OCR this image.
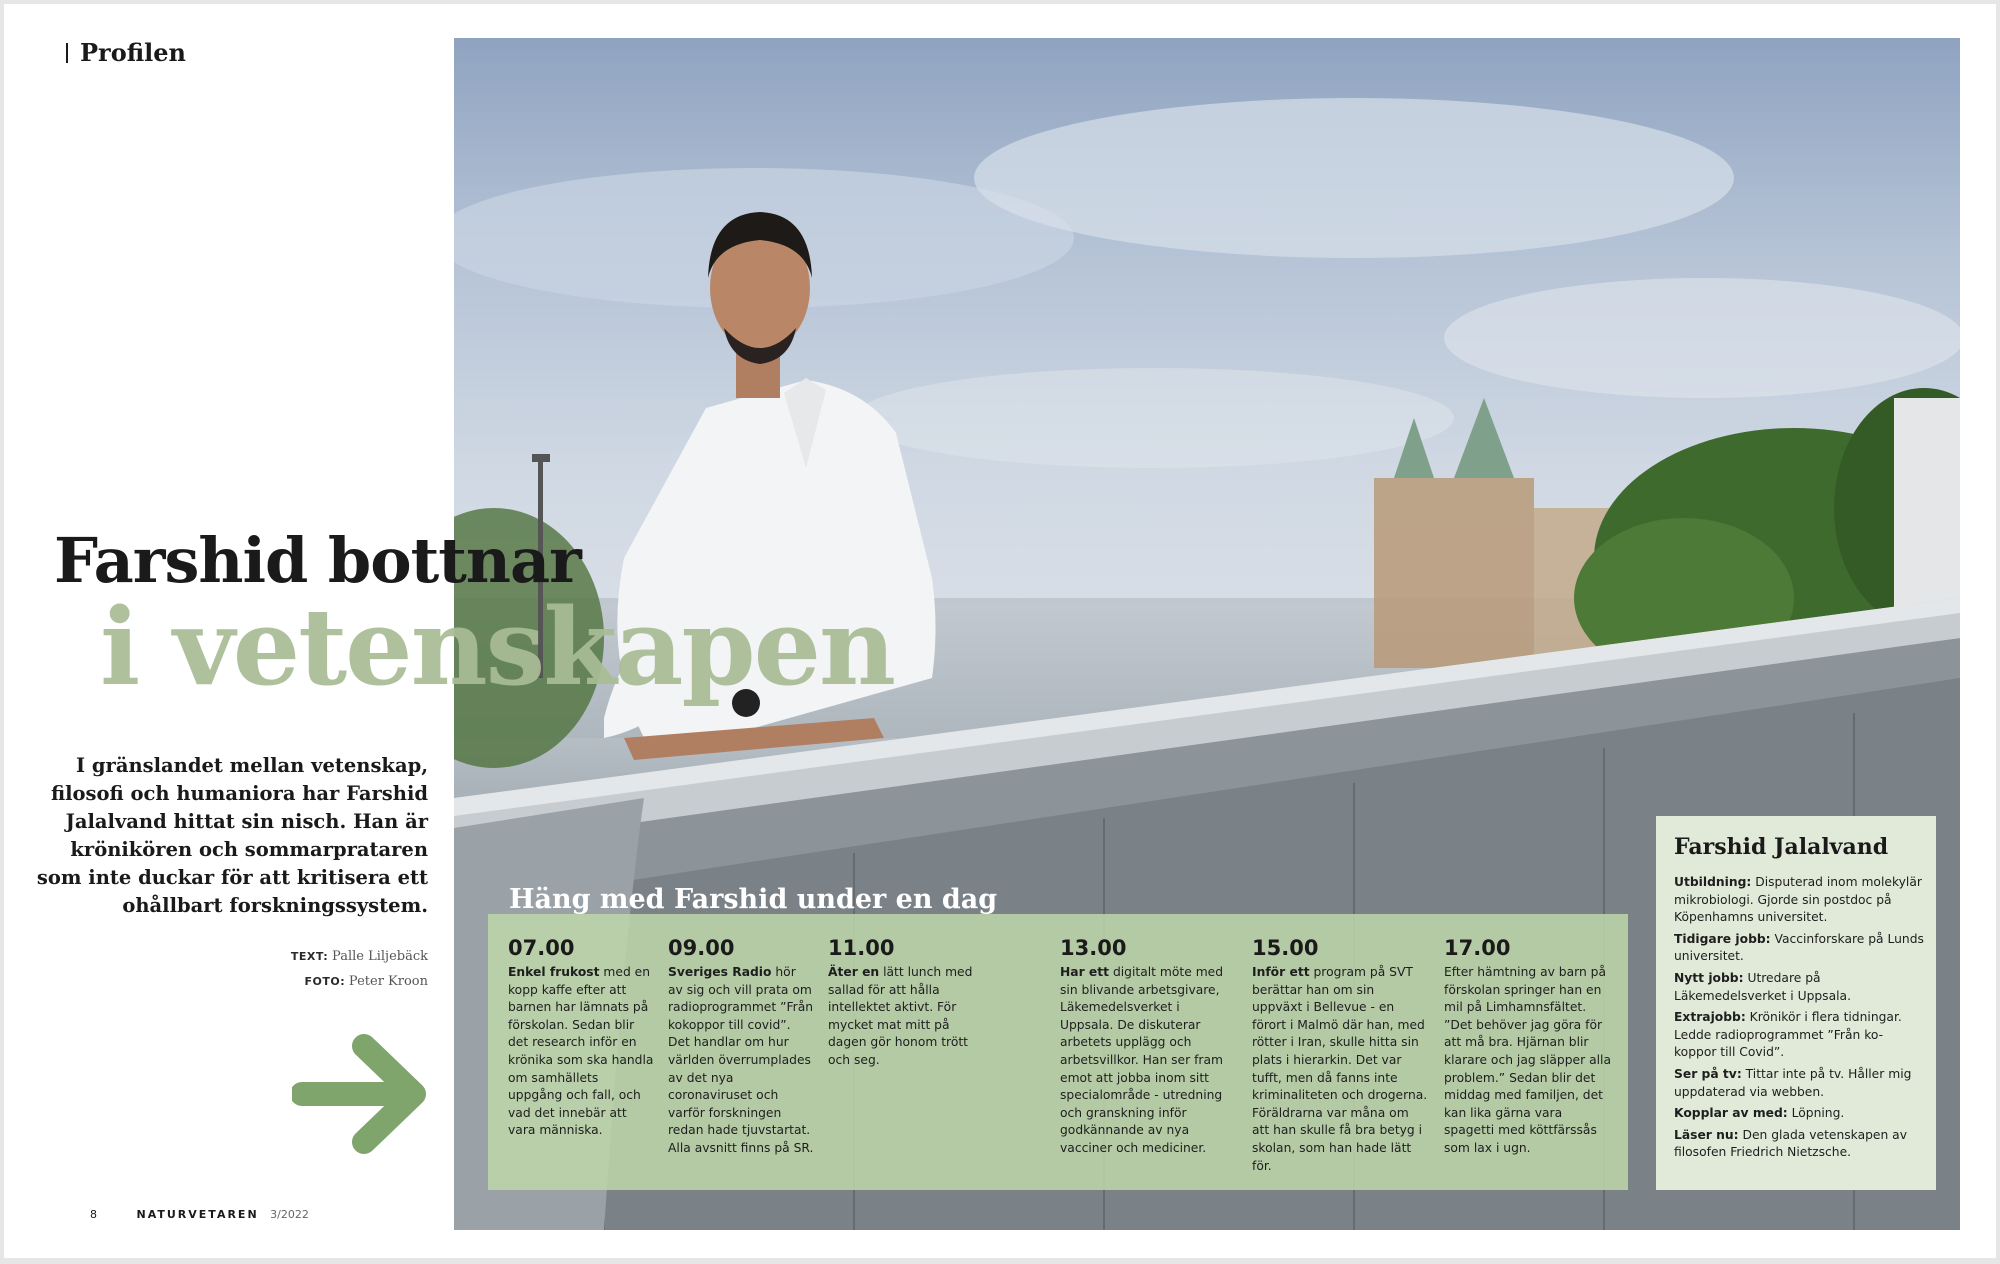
Profilen
Farshid bottnar
i vetenskapen

I gränslandet mellan vetenskap, filosofi och humaniora har Farshid Jalalvand hittat sin nisch. Han är krönikören och sommarprataren som inte duckar för att kritisera ett ohållbart forskningssystem.

TEXT: Palle Liljebäck
FOTO: Peter Kroon
07.00
Enkel frukost med en kopp kaffe efter att barnen har lämnats på förskolan. Sedan blir det research inför en krönika som ska handla om samhällets uppgång och fall, och vad det innebär att vara människa.
09.00
Sveriges Radio hör av sig och vill prata om radioprogrammet ”Från kokoppor till covid”. Det handlar om hur världen överrumplades av det nya coronaviruset och varför forskningen redan hade tjuvstartat. Alla avsnitt finns på SR.
11.00
Äter en lätt lunch med sallad för att hålla intellektet aktivt. För mycket mat mitt på dagen gör honom trött och seg.
13.00
Har ett digitalt möte med sin blivande arbetsgivare, Läkemedelsverket i Uppsala. De diskuterar arbetets upplägg och arbetsvillkor. Han ser fram emot att jobba inom sitt specialområde - utredning och granskning inför godkännande av nya vacciner och mediciner.
15.00
Inför ett program på SVT berättar han om sin uppväxt i Bellevue - en förort i Malmö där han, med rötter i Iran, skulle hitta sin plats i hierarkin. Det var tufft, men då fanns inte kriminaliteten och drogerna. Föräldrarna var måna om att han skulle få bra betyg i skolan, som han hade lätt för.
17.00
Efter hämtning av barn på förskolan springer han en mil på Limhamnsfältet. ”Det behöver jag göra för att må bra. Hjärnan blir klarare och jag släpper alla problem.” Sedan blir det middag med familjen, det kan lika gärna vara spagetti med köttfärssås som lax i ugn.
Häng med Farshid under en dag
Farshid Jalalvand
Utbildning: Disputerad inom molekylär mikrobiologi. Gjorde sin postdoc på Köpenhamns universitet.
Tidigare jobb: Vaccinforskare på Lunds universitet.
Nytt jobb: Utredare på Läkemedelsverket i Uppsala.
Extrajobb: Krönikör i flera tidningar. Ledde radioprogrammet ”Från ko-koppor till Covid”.
Ser på tv: Tittar inte på tv. Håller mig uppdaterad via webben.
Kopplar av med: Löpning.
Läser nu: Den glada vetenskapen av filosofen Friedrich Nietzsche.
8	NATURVETAREN 3/2022
